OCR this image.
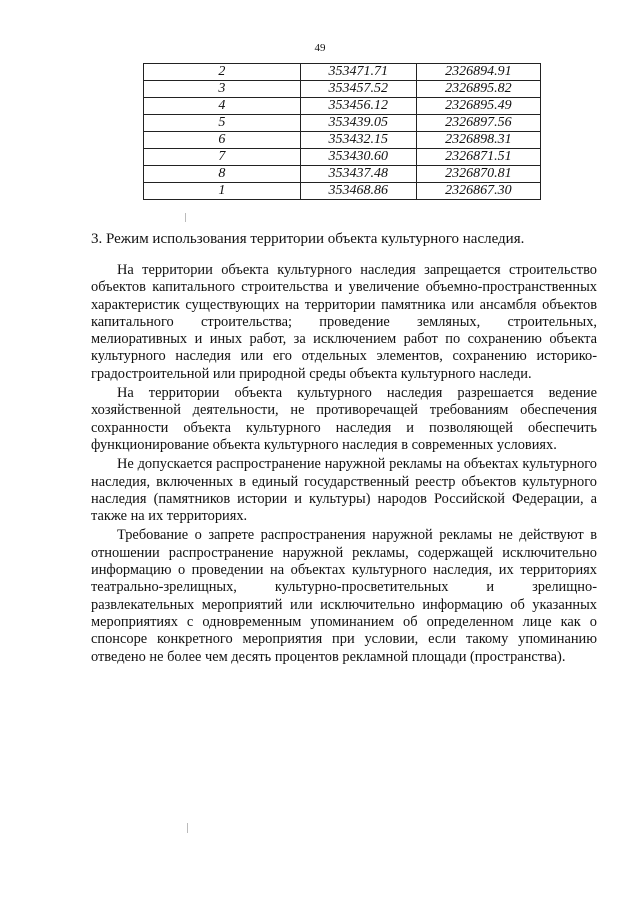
49
2	353471.71	2326894.91
3	353457.52	2326895.82
4	353456.12	2326895.49
5	353439.05	2326897.56
6	353432.15	2326898.31
7	353430.60	2326871.51
8	353437.48	2326870.81
1	353468.86	2326867.30
3. Режим использования территории объекта культурного наследия.

На территории объекта культурного наследия запрещается строительство объектов капитального строительства и увеличение объемно-пространственных характеристик существующих на территории памятника или ансамбля объектов капитального строительства; проведение земляных, строительных, мелиоративных и иных работ, за исключением работ по сохранению объекта культурного наследия или его отдельных элементов, сохранению историко-градостроительной или природной среды объекта культурного наследи.

На территории объекта культурного наследия разрешается ведение хозяйственной деятельности, не противоречащей требованиям обеспечения сохранности объекта культурного наследия и позволяющей обеспечить функционирование объекта культурного наследия в современных условиях.

Не допускается распространение наружной рекламы на объектах культурного наследия, включенных в единый государственный реестр объектов культурного наследия (памятников истории и культуры) народов Российской Федерации, а также на их территориях.

Требование о запрете распространения наружной рекламы не действуют в отношении распространение наружной рекламы, содержащей исключительно информацию о проведении на объектах культурного наследия, их территориях театрально-зрелищных, культурно-просветительных и зрелищно-развлекательных мероприятий или исключительно информацию об указанных мероприятиях с одновременным упоминанием об определенном лице как о спонсоре конкретного мероприятия при условии, если такому упоминанию отведено не более чем десять процентов рекламной площади (пространства).
